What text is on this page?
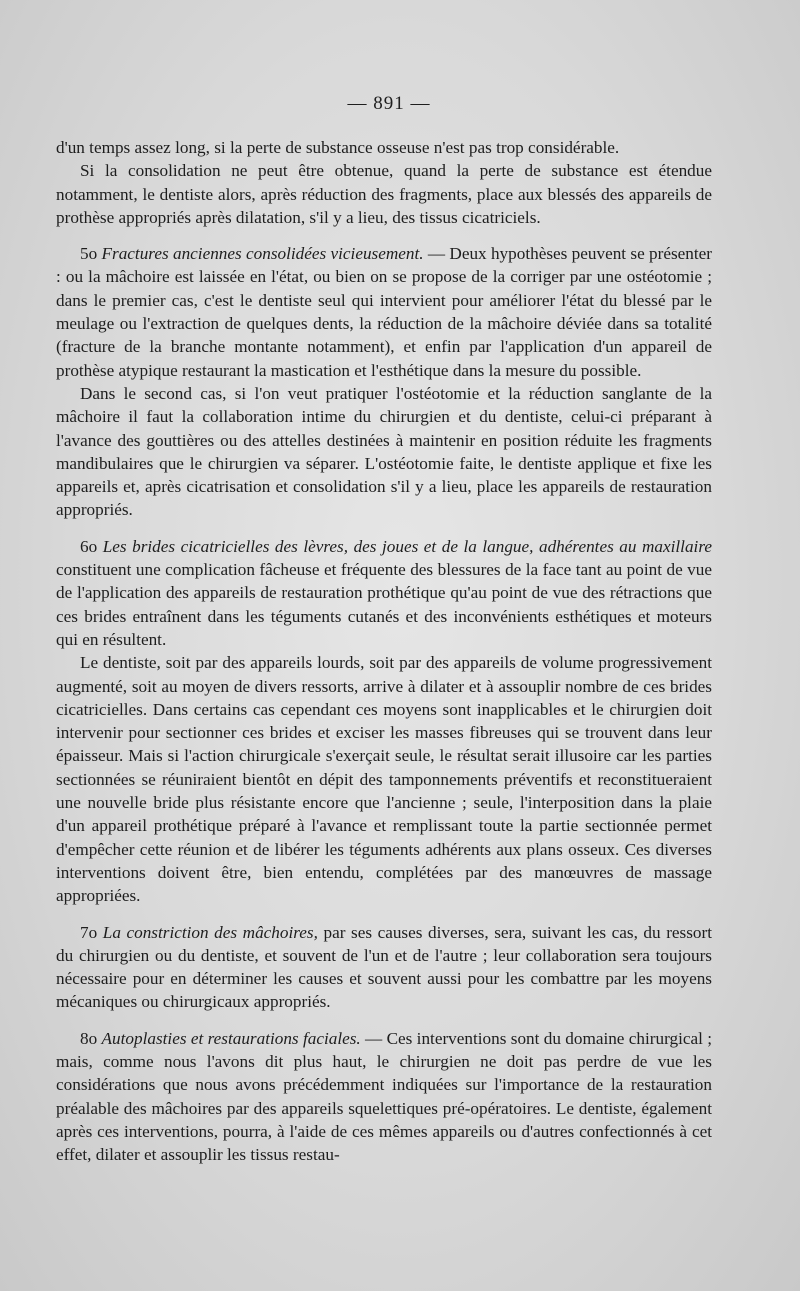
— 891 —

d'un temps assez long, si la perte de substance osseuse n'est pas trop considérable.

Si la consolidation ne peut être obtenue, quand la perte de substance est étendue notamment, le dentiste alors, après réduction des fragments, place aux blessés des appareils de prothèse appropriés après dilatation, s'il y a lieu, des tissus cicatriciels.

5o Fractures anciennes consolidées vicieusement. — Deux hypothèses peuvent se présenter : ou la mâchoire est laissée en l'état, ou bien on se propose de la corriger par une ostéotomie ; dans le premier cas, c'est le dentiste seul qui intervient pour améliorer l'état du blessé par le meulage ou l'extraction de quelques dents, la réduction de la mâchoire déviée dans sa totalité (fracture de la branche montante notamment), et enfin par l'application d'un appareil de prothèse atypique restaurant la mastication et l'esthétique dans la mesure du possible.

Dans le second cas, si l'on veut pratiquer l'ostéotomie et la réduction sanglante de la mâchoire il faut la collaboration intime du chirurgien et du dentiste, celui-ci préparant à l'avance des gouttières ou des attelles destinées à maintenir en position réduite les fragments mandibulaires que le chirurgien va séparer. L'ostéotomie faite, le dentiste applique et fixe les appareils et, après cicatrisation et consolidation s'il y a lieu, place les appareils de restauration appropriés.

6o Les brides cicatricielles des lèvres, des joues et de la langue, adhérentes au maxillaire constituent une complication fâcheuse et fréquente des blessures de la face tant au point de vue de l'application des appareils de restauration prothétique qu'au point de vue des rétractions que ces brides entraînent dans les téguments cutanés et des inconvénients esthétiques et moteurs qui en résultent.

Le dentiste, soit par des appareils lourds, soit par des appareils de volume progressivement augmenté, soit au moyen de divers ressorts, arrive à dilater et à assouplir nombre de ces brides cicatricielles. Dans certains cas cependant ces moyens sont inapplicables et le chirurgien doit intervenir pour sectionner ces brides et exciser les masses fibreuses qui se trouvent dans leur épaisseur. Mais si l'action chirurgicale s'exerçait seule, le résultat serait illusoire car les parties sectionnées se réuniraient bientôt en dépit des tamponnements préventifs et reconstitueraient une nouvelle bride plus résistante encore que l'ancienne ; seule, l'interposition dans la plaie d'un appareil prothétique préparé à l'avance et remplissant toute la partie sectionnée permet d'empêcher cette réunion et de libérer les téguments adhérents aux plans osseux. Ces diverses interventions doivent être, bien entendu, complétées par des manœuvres de massage appropriées.

7o La constriction des mâchoires, par ses causes diverses, sera, suivant les cas, du ressort du chirurgien ou du dentiste, et souvent de l'un et de l'autre ; leur collaboration sera toujours nécessaire pour en déterminer les causes et souvent aussi pour les combattre par les moyens mécaniques ou chirurgicaux appropriés.

8o Autoplasties et restaurations faciales. — Ces interventions sont du domaine chirurgical ; mais, comme nous l'avons dit plus haut, le chirurgien ne doit pas perdre de vue les considérations que nous avons précédemment indiquées sur l'importance de la restauration préalable des mâchoires par des appareils squelettiques pré-opératoires. Le dentiste, également après ces interventions, pourra, à l'aide de ces mêmes appareils ou d'autres confectionnés à cet effet, dilater et assouplir les tissus restau-
